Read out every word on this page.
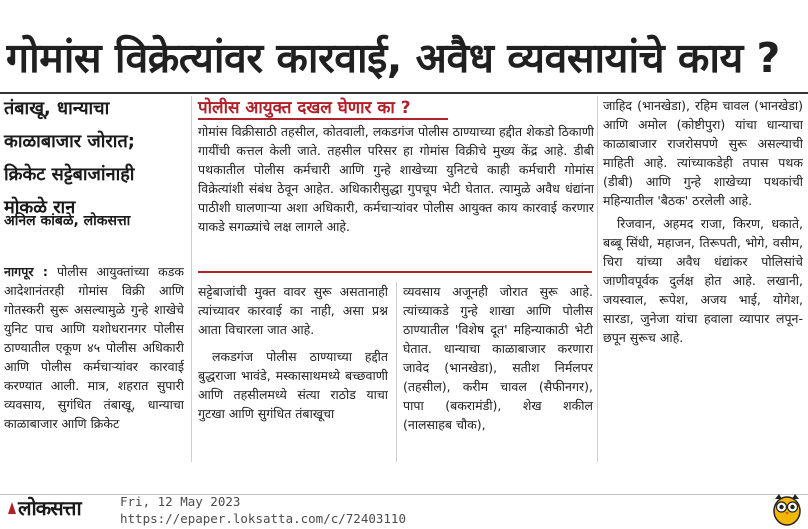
गोमांस विक्रेत्यांवर कारवाई, अवैध व्यवसायांचे काय ?
तंबाखू, धान्याचा
काळाबाजार जोरात;
क्रिकेट सट्टेबाजांनाही
मोकळे रान
अनिल कांबळे, लोकसत्ता
पोलीस आयुक्त दखल घेणार का ?
गोमांस विक्रीसाठी तहसील, कोतवाली, लकडगंज पोलीस ठाण्याच्या हद्दीत शेकडो ठिकाणी गायींची कत्तल केली जाते. तहसील परिसर हा गोमांस विक्रीचे मुख्य केंद्र आहे. डीबी पथकातील पोलीस कर्मचारी आणि गुन्हे शाखेच्या युनिटचे काही कर्मचारी गोमांस विक्रेत्यांशी संबंध ठेवून आहेत. अधिकारीसुद्धा गुपचूप भेटी घेतात. त्यामुळे अवैध धंद्यांना पाठीशी घालणाऱ्या अशा अधिकारी, कर्मचाऱ्यांवर पोलीस आयुक्त काय कारवाई करणार याकडे सगळ्यांचे लक्ष लागले आहे.
नागपूर : पोलीस आयुक्तांच्या कडक आदेशानंतरही गोमांस विक्री आणि गोतस्करी सुरू असल्यामुळे गुन्हे शाखेचे युनिट पाच आणि यशोधरानगर पोलीस ठाण्यातील एकूण ४५ पोलीस अधिकारी आणि पोलीस कर्मचाऱ्यांवर कारवाई करण्यात आली. मात्र, शहरात सुपारी व्यवसाय, सुगंधित तंबाखू, धान्याचा काळाबाजार आणि क्रिकेट

सट्टेबाजांची मुक्त वावर सुरू असतानाही त्यांच्यावर कारवाई का नाही, असा प्रश्न आता विचारला जात आहे.

लकडगंज पोलीस ठाण्याच्या हद्दीत बुद्धराजा भावंडे, मस्कासाथमध्ये बच्छवाणी आणि तहसीलमध्ये संत्या राठोड याचा गुटखा आणि सुगंधित तंबाखूचा

व्यवसाय अजूनही जोरात सुरू आहे. त्यांच्याकडे गुन्हे शाखा आणि पोलीस ठाण्यातील 'विशेष दूत' महिन्याकाठी भेटी घेतात. धान्याचा काळाबाजार करणारा जावेद (भानखेडा), सतीश निर्मलपर (तहसील), करीम चावल (सैफीनगर), पापा (बकरामंडी), शेख शकील (नालसाहब चौक),

जाहिद (भानखेडा), रहिम चावल (भानखेडा) आणि अमोल (कोष्टीपुरा) यांचा धान्याचा काळाबाजार राजरोसपणे सुरू असल्याची माहिती आहे. त्यांच्याकडेही तपास पथक (डीबी) आणि गुन्हे शाखेच्या पथकांची महिन्यातील 'बैठक' ठरलेली आहे.

रिजवान, अहमद राजा, किरण, धकाते, बब्बू सिंधी, महाजन, तिरूपती, भोगे, वसीम, चिरा यांच्या अवैध धंद्यांकर पोलिसांचे जाणीवपूर्वक दुर्लक्ष होत आहे. लखानी, जयस्वाल, रूपेश, अजय भाई, योगेश, सारडा, जुनेजा यांचा हवाला व्यापार लपून-छपून सुरूच आहे.

लोकसत्ता	Fri, 12 May 2023
https://epaper.loksatta.com/c/72403110
